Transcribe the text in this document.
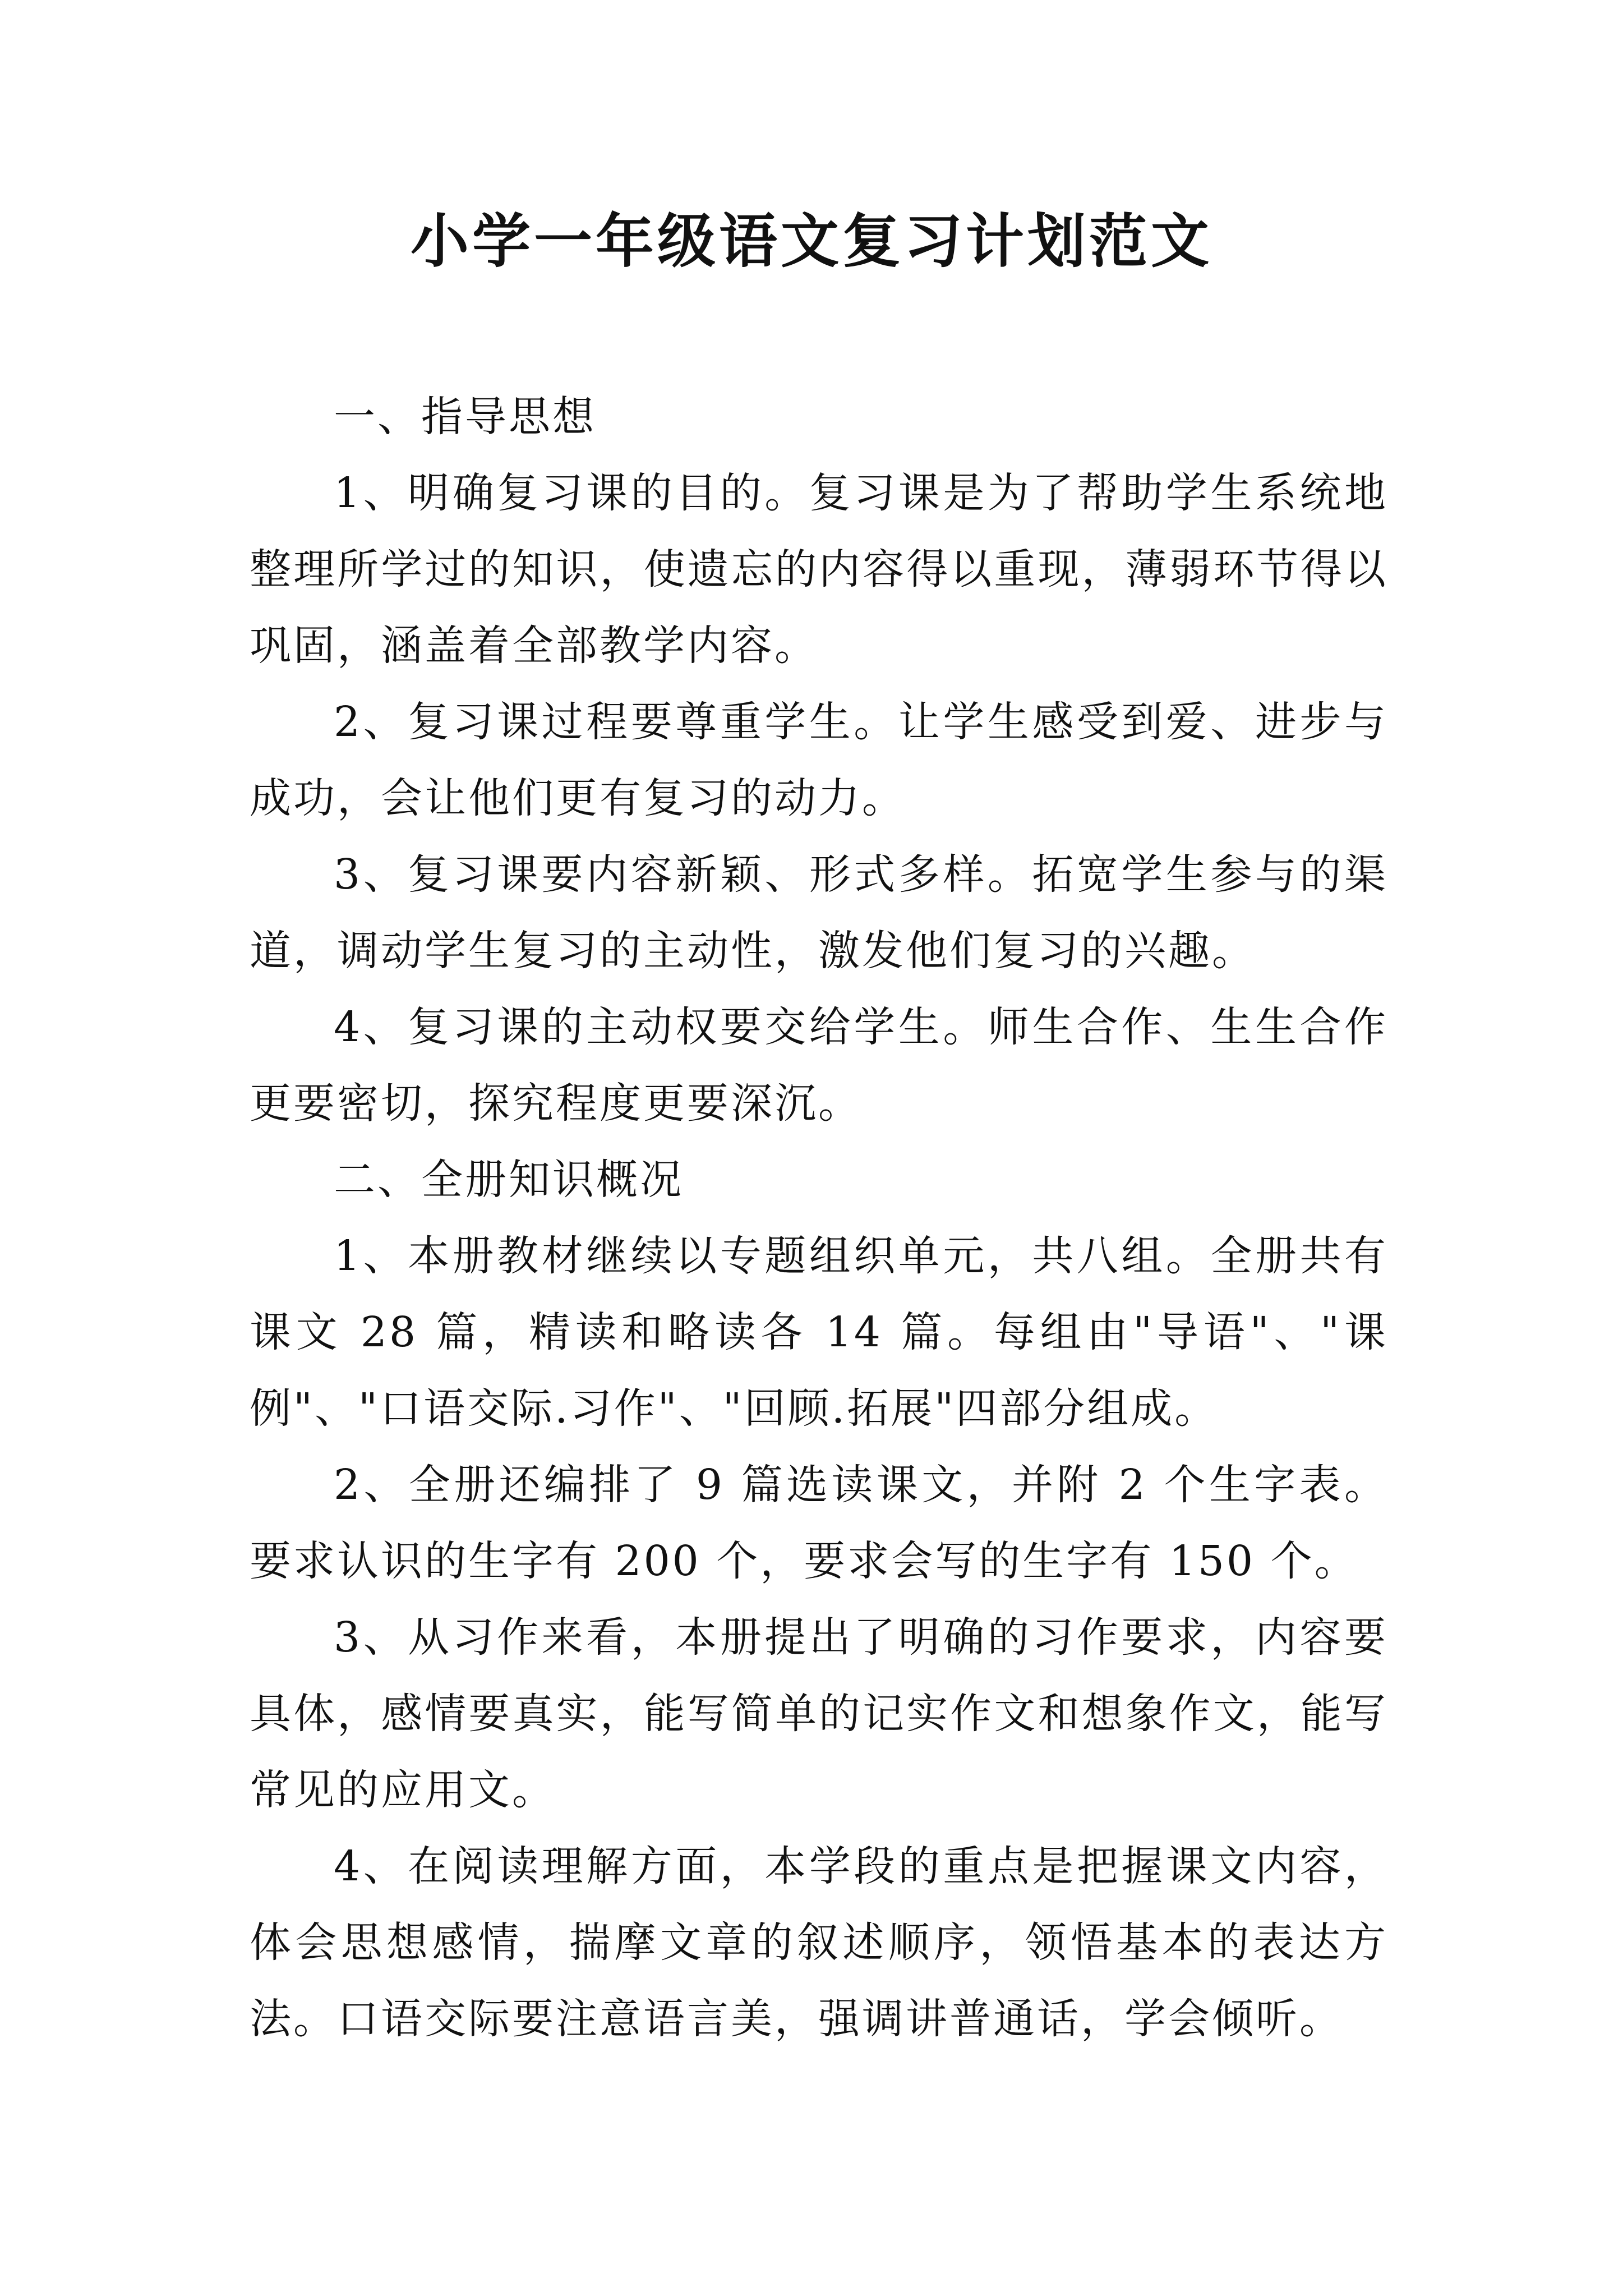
小学一年级语文复习计划范文

一、指导思想

1、明确复习课的目的。复习课是为了帮助学生系统地整理所学过的知识，使遗忘的内容得以重现，薄弱环节得以巩固，涵盖着全部教学内容。

2、复习课过程要尊重学生。让学生感受到爱、进步与成功，会让他们更有复习的动力。

3、复习课要内容新颖、形式多样。拓宽学生参与的渠道，调动学生复习的主动性，激发他们复习的兴趣。

4、复习课的主动权要交给学生。师生合作、生生合作更要密切，探究程度更要深沉。

二、全册知识概况

1、本册教材继续以专题组织单元，共八组。全册共有课文 28 篇，精读和略读各 14 篇。每组由"导语"、"课例"、"口语交际.习作"、"回顾.拓展"四部分组成。

2、全册还编排了 9 篇选读课文，并附 2 个生字表。要求认识的生字有 200 个，要求会写的生字有 150 个。

3、从习作来看，本册提出了明确的习作要求，内容要具体，感情要真实，能写简单的记实作文和想象作文，能写常见的应用文。

4、在阅读理解方面，本学段的重点是把握课文内容，体会思想感情，揣摩文章的叙述顺序，领悟基本的表达方法。口语交际要注意语言美，强调讲普通话，学会倾听。
